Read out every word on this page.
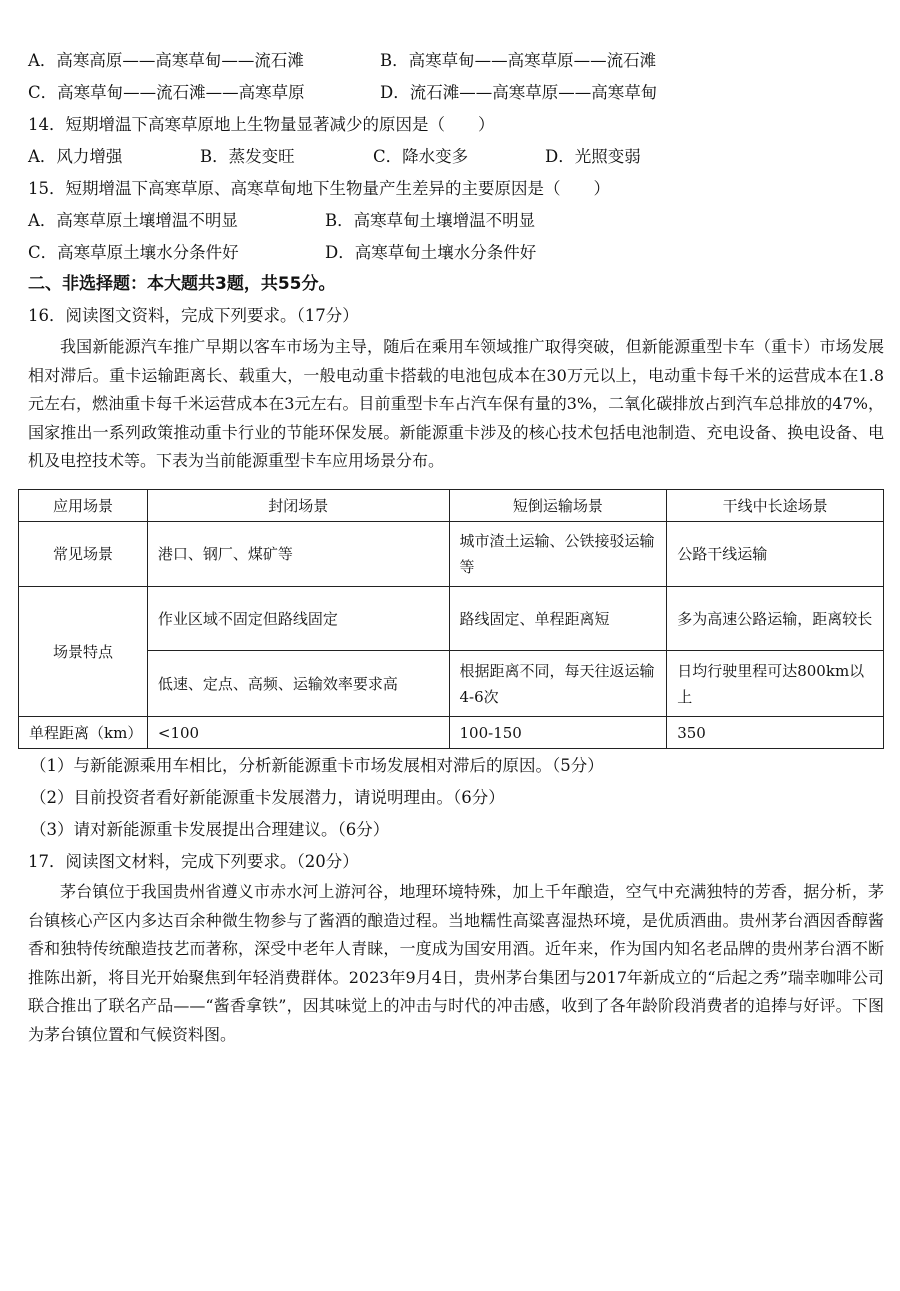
A．高寒高原——高寒草甸——流石滩	B．高寒草甸——高寒草原——流石滩
C．高寒草甸——流石滩——高寒草原	D．流石滩——高寒草原——高寒草甸
14．短期增温下高寒草原地上生物量显著减少的原因是（　　）
A．风力增强	B．蒸发变旺	C．降水变多	D．光照变弱
15．短期增温下高寒草原、高寒草甸地下生物量产生差异的主要原因是（　　）
A．高寒草原土壤增温不明显	B．高寒草甸土壤增温不明显
C．高寒草原土壤水分条件好	D．高寒草甸土壤水分条件好
二、非选择题：本大题共3题，共55分。
16．阅读图文资料，完成下列要求。（17分）
我国新能源汽车推广早期以客车市场为主导，随后在乘用车领域推广取得突破，但新能源重型卡车（重卡）市场发展相对滞后。重卡运输距离长、载重大，一般电动重卡搭载的电池包成本在30万元以上，电动重卡每千米的运营成本在1.8元左右，燃油重卡每千米运营成本在3元左右。目前重型卡车占汽车保有量的3%，二氧化碳排放占到汽车总排放的47%，国家推出一系列政策推动重卡行业的节能环保发展。新能源重卡涉及的核心技术包括电池制造、充电设备、换电设备、电机及电控技术等。下表为当前能源重型卡车应用场景分布。
应用场景	封闭场景	短倒运输场景	干线中长途场景
常见场景	港口、钢厂、煤矿等	城市渣土运输、公铁接驳运输等	公路干线运输
场景特点	作业区域不固定但路线固定	路线固定、单程距离短	多为高速公路运输，距离较长
	低速、定点、高频、运输效率要求高	根据距离不同，每天往返运输4-6次	日均行驶里程可达800km以上
单程距离（km）	<100	100-150	350
（1）与新能源乘用车相比，分析新能源重卡市场发展相对滞后的原因。（5分）
（2）目前投资者看好新能源重卡发展潜力，请说明理由。（6分）
（3）请对新能源重卡发展提出合理建议。（6分）
17．阅读图文材料，完成下列要求。（20分）
茅台镇位于我国贵州省遵义市赤水河上游河谷，地理环境特殊，加上千年酿造，空气中充满独特的芳香，据分析，茅台镇核心产区内多达百余种微生物参与了酱酒的酿造过程。当地糯性高粱喜湿热环境，是优质酒曲。贵州茅台酒因香醇酱香和独特传统酿造技艺而著称，深受中老年人青睐，一度成为国安用酒。近年来，作为国内知名老品牌的贵州茅台酒不断推陈出新，将目光开始聚焦到年轻消费群体。2023年9月4日，贵州茅台集团与2017年新成立的“后起之秀”瑞幸咖啡公司联合推出了联名产品——“酱香拿铁”，因其味觉上的冲击与时代的冲击感，收到了各年龄阶段消费者的追捧与好评。下图为茅台镇位置和气候资料图。
